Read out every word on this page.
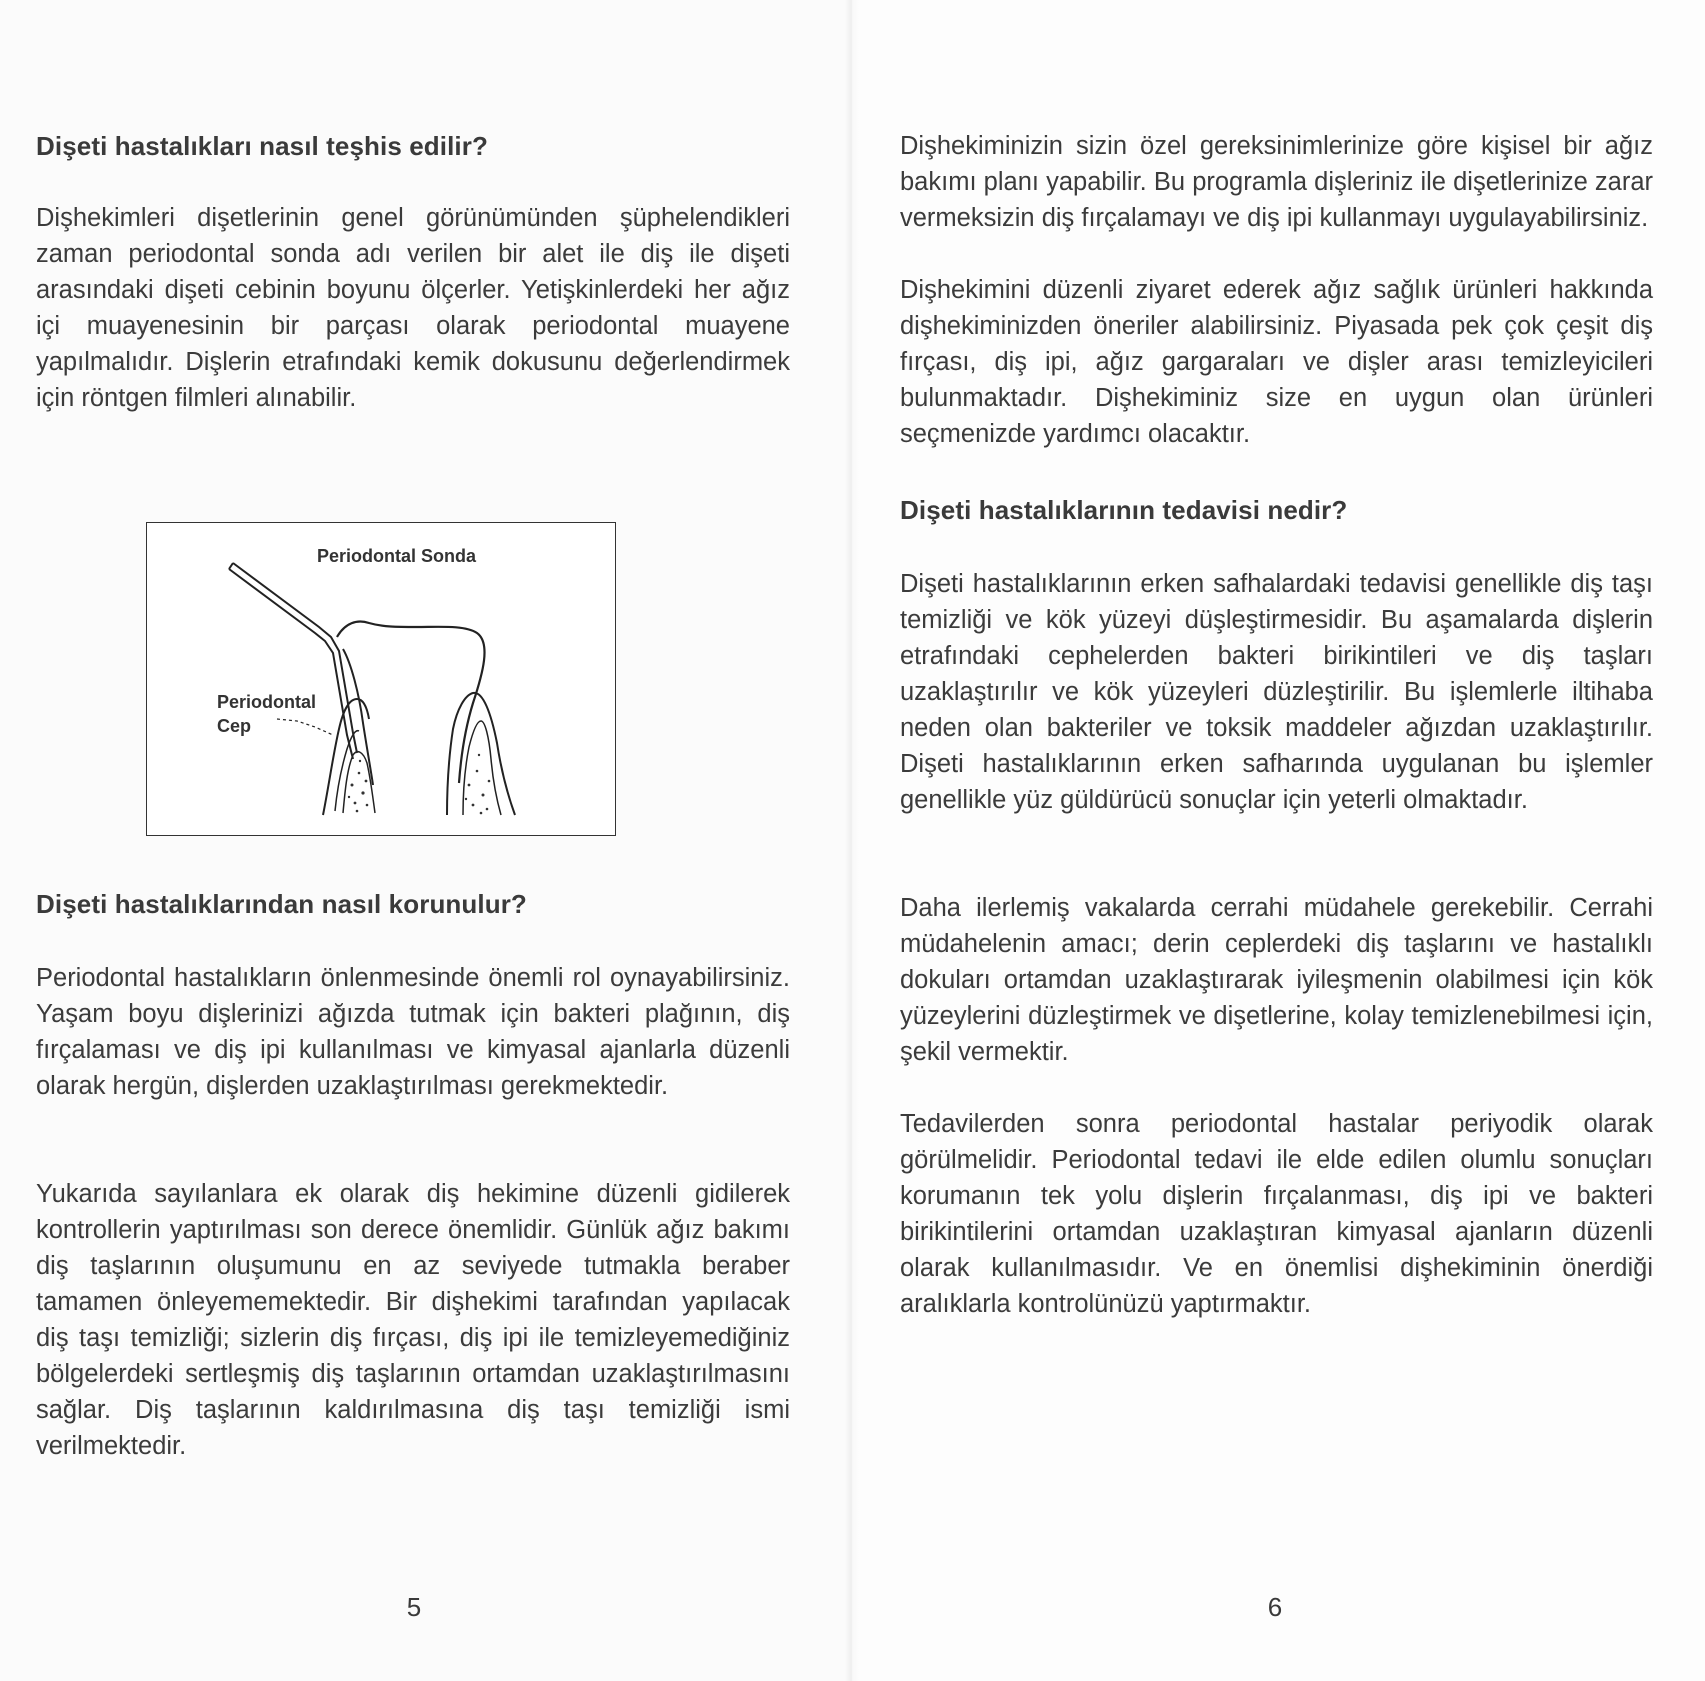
Dişeti hastalıkları nasıl teşhis edilir?

Dişhekimleri dişetlerinin genel görünümünden şüphelendikleri zaman periodontal sonda adı verilen bir alet ile diş ile dişeti arasındaki dişeti cebinin boyunu ölçerler. Yetişkinlerdeki her ağız içi muayenesinin bir parçası olarak periodontal muayene yapılmalıdır. Dişlerin etrafındaki kemik dokusunu değerlendirmek için röntgen filmleri alınabilir.

Periodontal Sonda
Periodontal
Cep
Dişeti hastalıklarından nasıl korunulur?

Periodontal hastalıkların önlenmesinde önemli rol oynayabilirsiniz. Yaşam boyu dişlerinizi ağızda tutmak için bakteri plağının, diş fırçalaması ve diş ipi kullanılması ve kimyasal ajanlarla düzenli olarak hergün, dişlerden uzaklaştırılması gerekmektedir.

Yukarıda sayılanlara ek olarak diş hekimine düzenli gidilerek kontrollerin yaptırılması son derece önemlidir. Günlük ağız bakımı diş taşlarının oluşumunu en az seviyede tutmakla beraber tamamen önleyememektedir. Bir dişhekimi tarafından yapılacak diş taşı temizliği; sizlerin diş fırçası, diş ipi ile temizleyemediğiniz bölgelerdeki sertleşmiş diş taşlarının ortamdan uzaklaştırılmasını sağlar. Diş taşlarının kaldırılmasına diş taşı temizliği ismi verilmektedir.

5

Dişhekiminizin sizin özel gereksinimlerinize göre kişisel bir ağız bakımı planı yapabilir. Bu programla dişleriniz ile dişetlerinize zarar vermeksizin diş fırçalamayı ve diş ipi kullanmayı uygulayabilirsiniz.

Dişhekimini düzenli ziyaret ederek ağız sağlık ürünleri hakkında dişhekiminizden öneriler alabilirsiniz. Piyasada pek çok çeşit diş fırçası, diş ipi, ağız gargaraları ve dişler arası temizleyicileri bulunmaktadır. Dişhekiminiz size en uygun olan ürünleri seçmenizde yardımcı olacaktır.

Dişeti hastalıklarının tedavisi nedir?

Dişeti hastalıklarının erken safhalardaki tedavisi genellikle diş taşı temizliği ve kök yüzeyi düşleştirmesidir. Bu aşamalarda dişlerin etrafındaki cephelerden bakteri birikintileri ve diş taşları uzaklaştırılır ve kök yüzeyleri düzleştirilir. Bu işlemlerle iltihaba neden olan bakteriler ve toksik maddeler ağızdan uzaklaştırılır. Dişeti hastalıklarının erken safharında uygulanan bu işlemler genellikle yüz güldürücü sonuçlar için yeterli olmaktadır.

Daha ilerlemiş vakalarda cerrahi müdahele gerekebilir. Cerrahi müdahelenin amacı; derin ceplerdeki diş taşlarını ve hastalıklı dokuları ortamdan uzaklaştırarak iyileşmenin olabilmesi için kök yüzeylerini düzleştirmek ve dişetlerine, kolay temizlenebilmesi için, şekil vermektir.

Tedavilerden sonra periodontal hastalar periyodik olarak görülmelidir. Periodontal tedavi ile elde edilen olumlu sonuçları korumanın tek yolu dişlerin fırçalanması, diş ipi ve bakteri birikintilerini ortamdan uzaklaştıran kimyasal ajanların düzenli olarak kullanılmasıdır. Ve en önemlisi dişhekiminin önerdiği aralıklarla kontrolünüzü yaptırmaktır.

6
